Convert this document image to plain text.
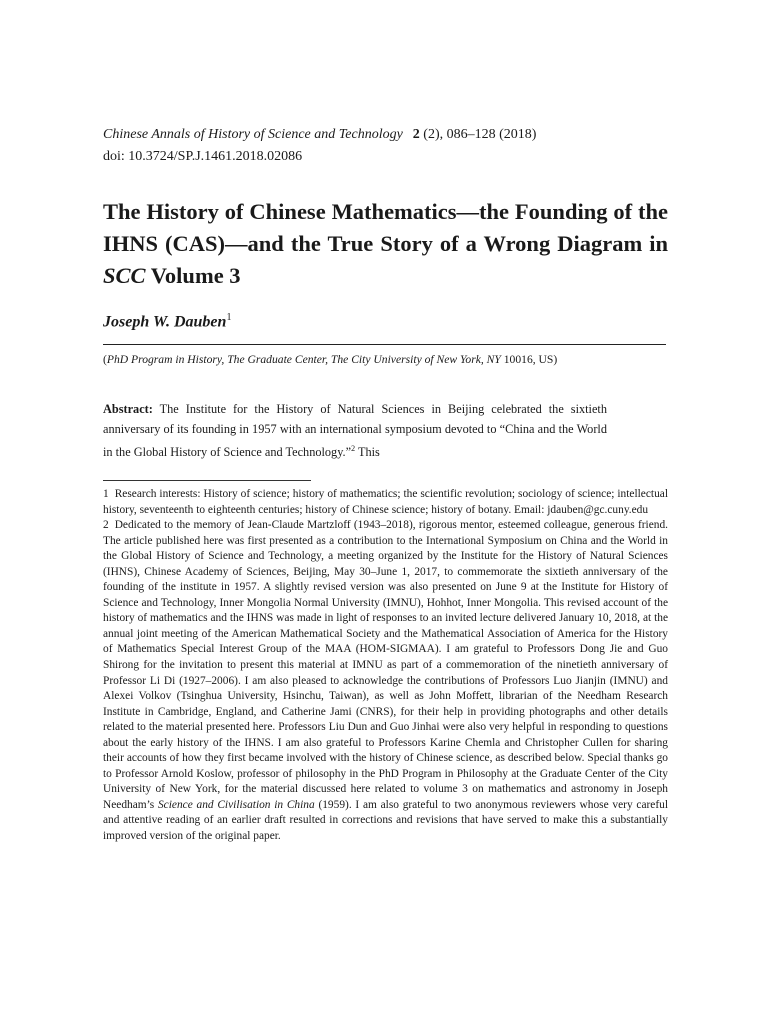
Chinese Annals of History of Science and Technology 2 (2), 086–128 (2018)
doi: 10.3724/SP.J.1461.2018.02086
The History of Chinese Mathematics—the Founding of the IHNS (CAS)—and the True Story of a Wrong Diagram in SCC Volume 3
Joseph W. Dauben$^1$
(PhD Program in History, The Graduate Center, The City University of New York, NY 10016, US)

Abstract: The Institute for the History of Natural Sciences in Beijing celebrated the sixtieth anniversary of its founding in 1957 with an international symposium devoted to “China and the World in the Global History of Science and Technology.”$^2$ This

1 Research interests: History of science; history of mathematics; the scientific revolution; sociology of science; intellectual history, seventeenth to eighteenth centuries; history of Chinese science; history of botany. Email: jdauben@gc.cuny.edu

2 Dedicated to the memory of Jean-Claude Martzloff (1943–2018), rigorous mentor, esteemed colleague, generous friend. The article published here was first presented as a contribution to the International Symposium on China and the World in the Global History of Science and Technology, a meeting organized by the Institute for the History of Natural Sciences (IHNS), Chinese Academy of Sciences, Beijing, May 30–June 1, 2017, to commemorate the sixtieth anniversary of the founding of the institute in 1957. A slightly revised version was also presented on June 9 at the Institute for History of Science and Technology, Inner Mongolia Normal University (IMNU), Hohhot, Inner Mongolia. This revised account of the history of mathematics and the IHNS was made in light of responses to an invited lecture delivered January 10, 2018, at the annual joint meeting of the American Mathematical Society and the Mathematical Association of America for the History of Mathematics Special Interest Group of the MAA (HOM-SIGMAA). I am grateful to Professors Dong Jie and Guo Shirong for the invitation to present this material at IMNU as part of a commemoration of the ninetieth anniversary of Professor Li Di (1927–2006). I am also pleased to acknowledge the contributions of Professors Luo Jianjin (IMNU) and Alexei Volkov (Tsinghua University, Hsinchu, Taiwan), as well as John Moffett, librarian of the Needham Research Institute in Cambridge, England, and Catherine Jami (CNRS), for their help in providing photographs and other details related to the material presented here. Professors Liu Dun and Guo Jinhai were also very helpful in responding to questions about the early history of the IHNS. I am also grateful to Professors Karine Chemla and Christopher Cullen for sharing their accounts of how they first became involved with the history of Chinese science, as described below. Special thanks go to Professor Arnold Koslow, professor of philosophy in the PhD Program in Philosophy at the Graduate Center of the City University of New York, for the material discussed here related to volume 3 on mathematics and astronomy in Joseph Needham’s Science and Civilisation in China (1959). I am also grateful to two anonymous reviewers whose very careful and attentive reading of an earlier draft resulted in corrections and revisions that have served to make this a substantially improved version of the original paper.
